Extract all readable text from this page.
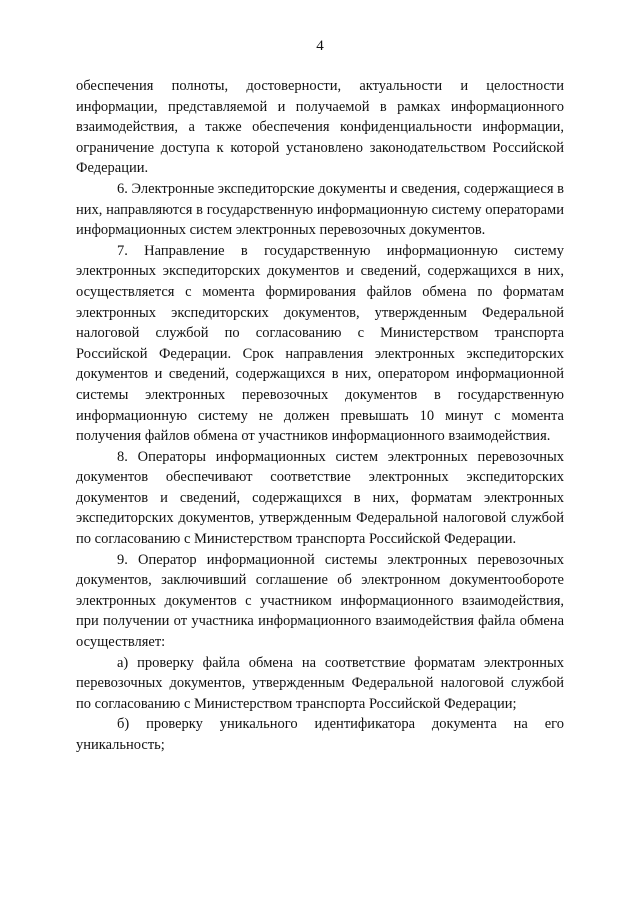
4

обеспечения полноты, достоверности, актуальности и целостности информации, представляемой и получаемой в рамках информационного взаимодействия, а также обеспечения конфиденциальности информации, ограничение доступа к которой установлено законодательством Российской Федерации.

6. Электронные экспедиторские документы и сведения, содержащиеся в них, направляются в государственную информационную систему операторами информационных систем электронных перевозочных документов.

7. Направление в государственную информационную систему электронных экспедиторских документов и сведений, содержащихся в них, осуществляется с момента формирования файлов обмена по форматам электронных экспедиторских документов, утвержденным Федеральной налоговой службой по согласованию с Министерством транспорта Российской Федерации. Срок направления электронных экспедиторских документов и сведений, содержащихся в них, оператором информационной системы электронных перевозочных документов в государственную информационную систему не должен превышать 10 минут с момента получения файлов обмена от участников информационного взаимодействия.

8. Операторы информационных систем электронных перевозочных документов обеспечивают соответствие электронных экспедиторских документов и сведений, содержащихся в них, форматам электронных экспедиторских документов, утвержденным Федеральной налоговой службой по согласованию с Министерством транспорта Российской Федерации.

9. Оператор информационной системы электронных перевозочных документов, заключивший соглашение об электронном документообороте электронных документов с участником информационного взаимодействия, при получении от участника информационного взаимодействия файла обмена осуществляет:

а) проверку файла обмена на соответствие форматам электронных перевозочных документов, утвержденным Федеральной налоговой службой по согласованию с Министерством транспорта Российской Федерации;

б) проверку уникального идентификатора документа на его уникальность;
